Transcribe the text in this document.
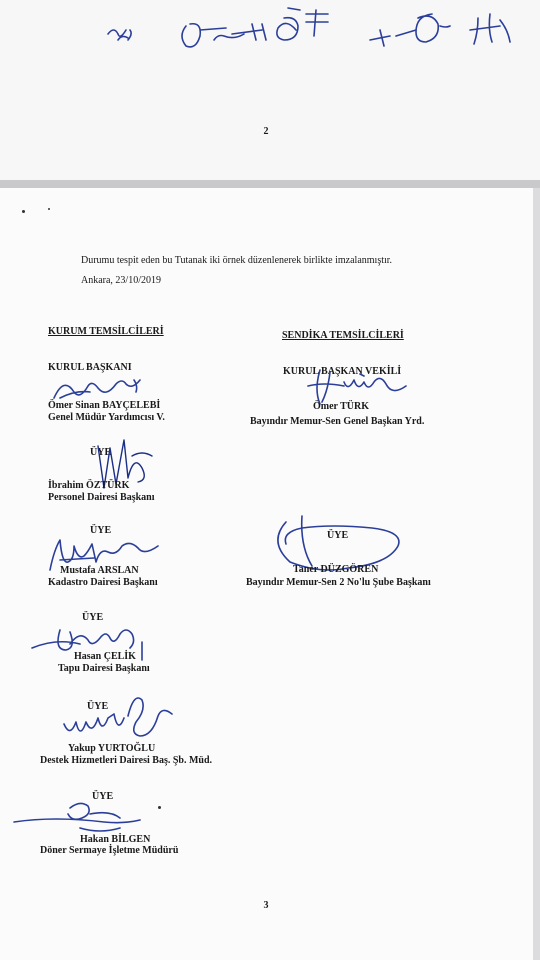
2
Durumu tespit eden bu Tutanak iki örnek düzenlenerek birlikte imzalanmıştır.
Ankara, 23/10/2019
KURUM TEMSİLCİLERİ	SENDİKA TEMSİLCİLERİ
KURUL BAŞKANI
Ömer Sinan BAYÇELEBİ
Genel Müdür Yardımcısı V.
ÜYE
İbrahim ÖZTÜRK
Personel Dairesi Başkanı
ÜYE
Mustafa ARSLAN
Kadastro Dairesi Başkanı
ÜYE
Hasan ÇELİK
Tapu Dairesi Başkanı
ÜYE
Yakup YURTOĞLU
Destek Hizmetleri Dairesi Baş. Şb. Müd.
ÜYE
Hakan BİLGEN
Döner Sermaye İşletme Müdürü
KURUL BAŞKAN VEKİLİ
Ömer TÜRK
Bayındır Memur-Sen Genel Başkan Yrd.
ÜYE
Taner DÜZGÖREN
Bayındır Memur-Sen 2 No'lu Şube Başkanı
3
